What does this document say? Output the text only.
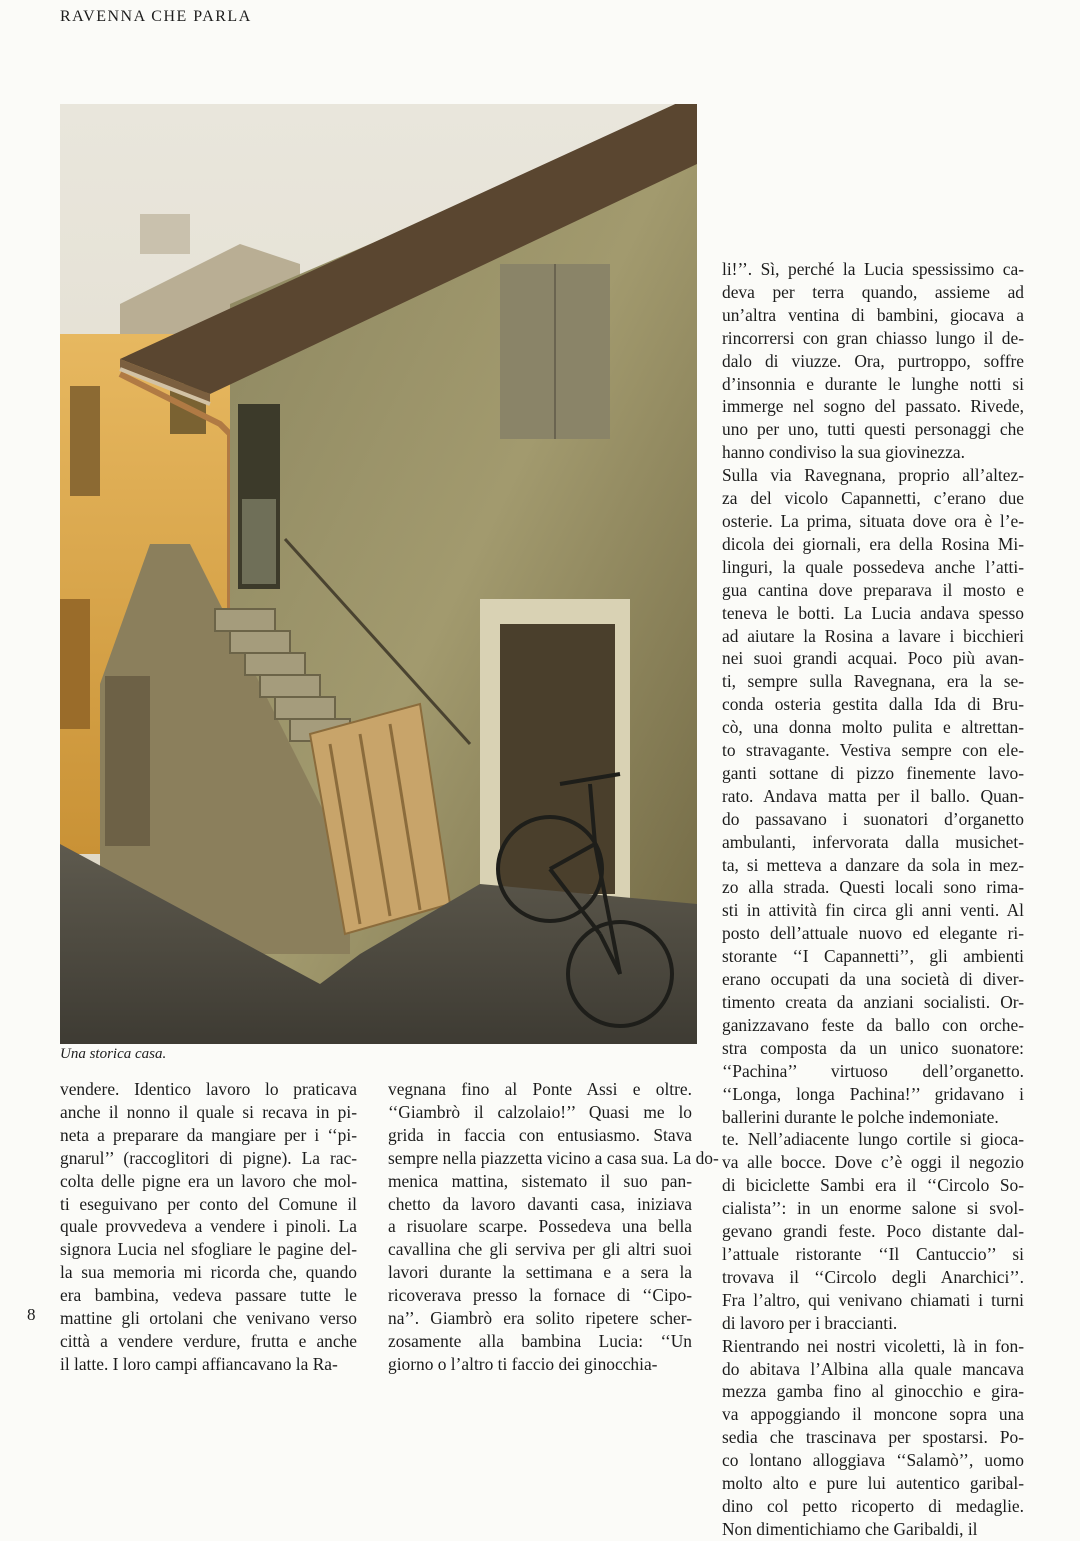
RAVENNA CHE PARLA
Una storica casa.
vendere. Identico lavoro lo praticava
anche il nonno il quale si recava in pi-
neta a preparare da mangiare per i ‘‘pi-
gnarul’’ (raccoglitori di pigne). La rac-
colta delle pigne era un lavoro che mol-
ti eseguivano per conto del Comune il
quale provvedeva a vendere i pinoli. La
signora Lucia nel sfogliare le pagine del-
la sua memoria mi ricorda che, quando
era bambina, vedeva passare tutte le
mattine gli ortolani che venivano verso
città a vendere verdure, frutta e anche
il latte. I loro campi affiancavano la Ra-
vegnana fino al Ponte Assi e oltre.
‘‘Giambrò il calzolaio!’’ Quasi me lo
grida in faccia con entusiasmo. Stava
sempre nella piazzetta vicino a casa sua. La do-
menica mattina, sistemato il suo pan-
chetto da lavoro davanti casa, iniziava
a risuolare scarpe. Possedeva una bella
cavallina che gli serviva per gli altri suoi
lavori durante la settimana e a sera la
ricoverava presso la fornace di ‘‘Cipo-
na’’. Giambrò era solito ripetere scher-
zosamente alla bambina Lucia: ‘‘Un
giorno o l’altro ti faccio dei ginocchia-
li!’’. Sì, perché la Lucia spessissimo ca-
deva per terra quando, assieme ad
un’altra ventina di bambini, giocava a
rincorrersi con gran chiasso lungo il de-
dalo di viuzze. Ora, purtroppo, soffre
d’insonnia e durante le lunghe notti si
immerge nel sogno del passato. Rivede,
uno per uno, tutti questi personaggi che
hanno condiviso la sua giovinezza.
Sulla via Ravegnana, proprio all’altez-
za del vicolo Capannetti, c’erano due
osterie. La prima, situata dove ora è l’e-
dicola dei giornali, era della Rosina Mi-
linguri, la quale possedeva anche l’atti-
gua cantina dove preparava il mosto e
teneva le botti. La Lucia andava spesso
ad aiutare la Rosina a lavare i bicchieri
nei suoi grandi acquai. Poco più avan-
ti, sempre sulla Ravegnana, era la se-
conda osteria gestita dalla Ida di Bru-
cò, una donna molto pulita e altrettan-
to stravagante. Vestiva sempre con ele-
ganti sottane di pizzo finemente lavo-
rato. Andava matta per il ballo. Quan-
do passavano i suonatori d’organetto
ambulanti, infervorata dalla musichet-
ta, si metteva a danzare da sola in mez-
zo alla strada. Questi locali sono rima-
sti in attività fin circa gli anni venti. Al
posto dell’attuale nuovo ed elegante ri-
storante ‘‘I Capannetti’’, gli ambienti
erano occupati da una società di diver-
timento creata da anziani socialisti. Or-
ganizzavano feste da ballo con orche-
stra composta da un unico suonatore:
‘‘Pachina’’ virtuoso dell’organetto.
‘‘Longa, longa Pachina!’’ gridavano i
ballerini durante le polche indemoniate.
te. Nell’adiacente lungo cortile si gioca-
va alle bocce. Dove c’è oggi il negozio
di biciclette Sambi era il ‘‘Circolo So-
cialista’’: in un enorme salone si svol-
gevano grandi feste. Poco distante dal-
l’attuale ristorante ‘‘Il Cantuccio’’ si
trovava il ‘‘Circolo degli Anarchici’’.
Fra l’altro, qui venivano chiamati i turni
di lavoro per i braccianti.
Rientrando nei nostri vicoletti, là in fon-
do abitava l’Albina alla quale mancava
mezza gamba fino al ginocchio e gira-
va appoggiando il moncone sopra una
sedia che trascinava per spostarsi. Po-
co lontano alloggiava ‘‘Salamò’’, uomo
molto alto e pure lui autentico garibal-
dino col petto ricoperto di medaglie.
Non dimentichiamo che Garibaldi, il
8
